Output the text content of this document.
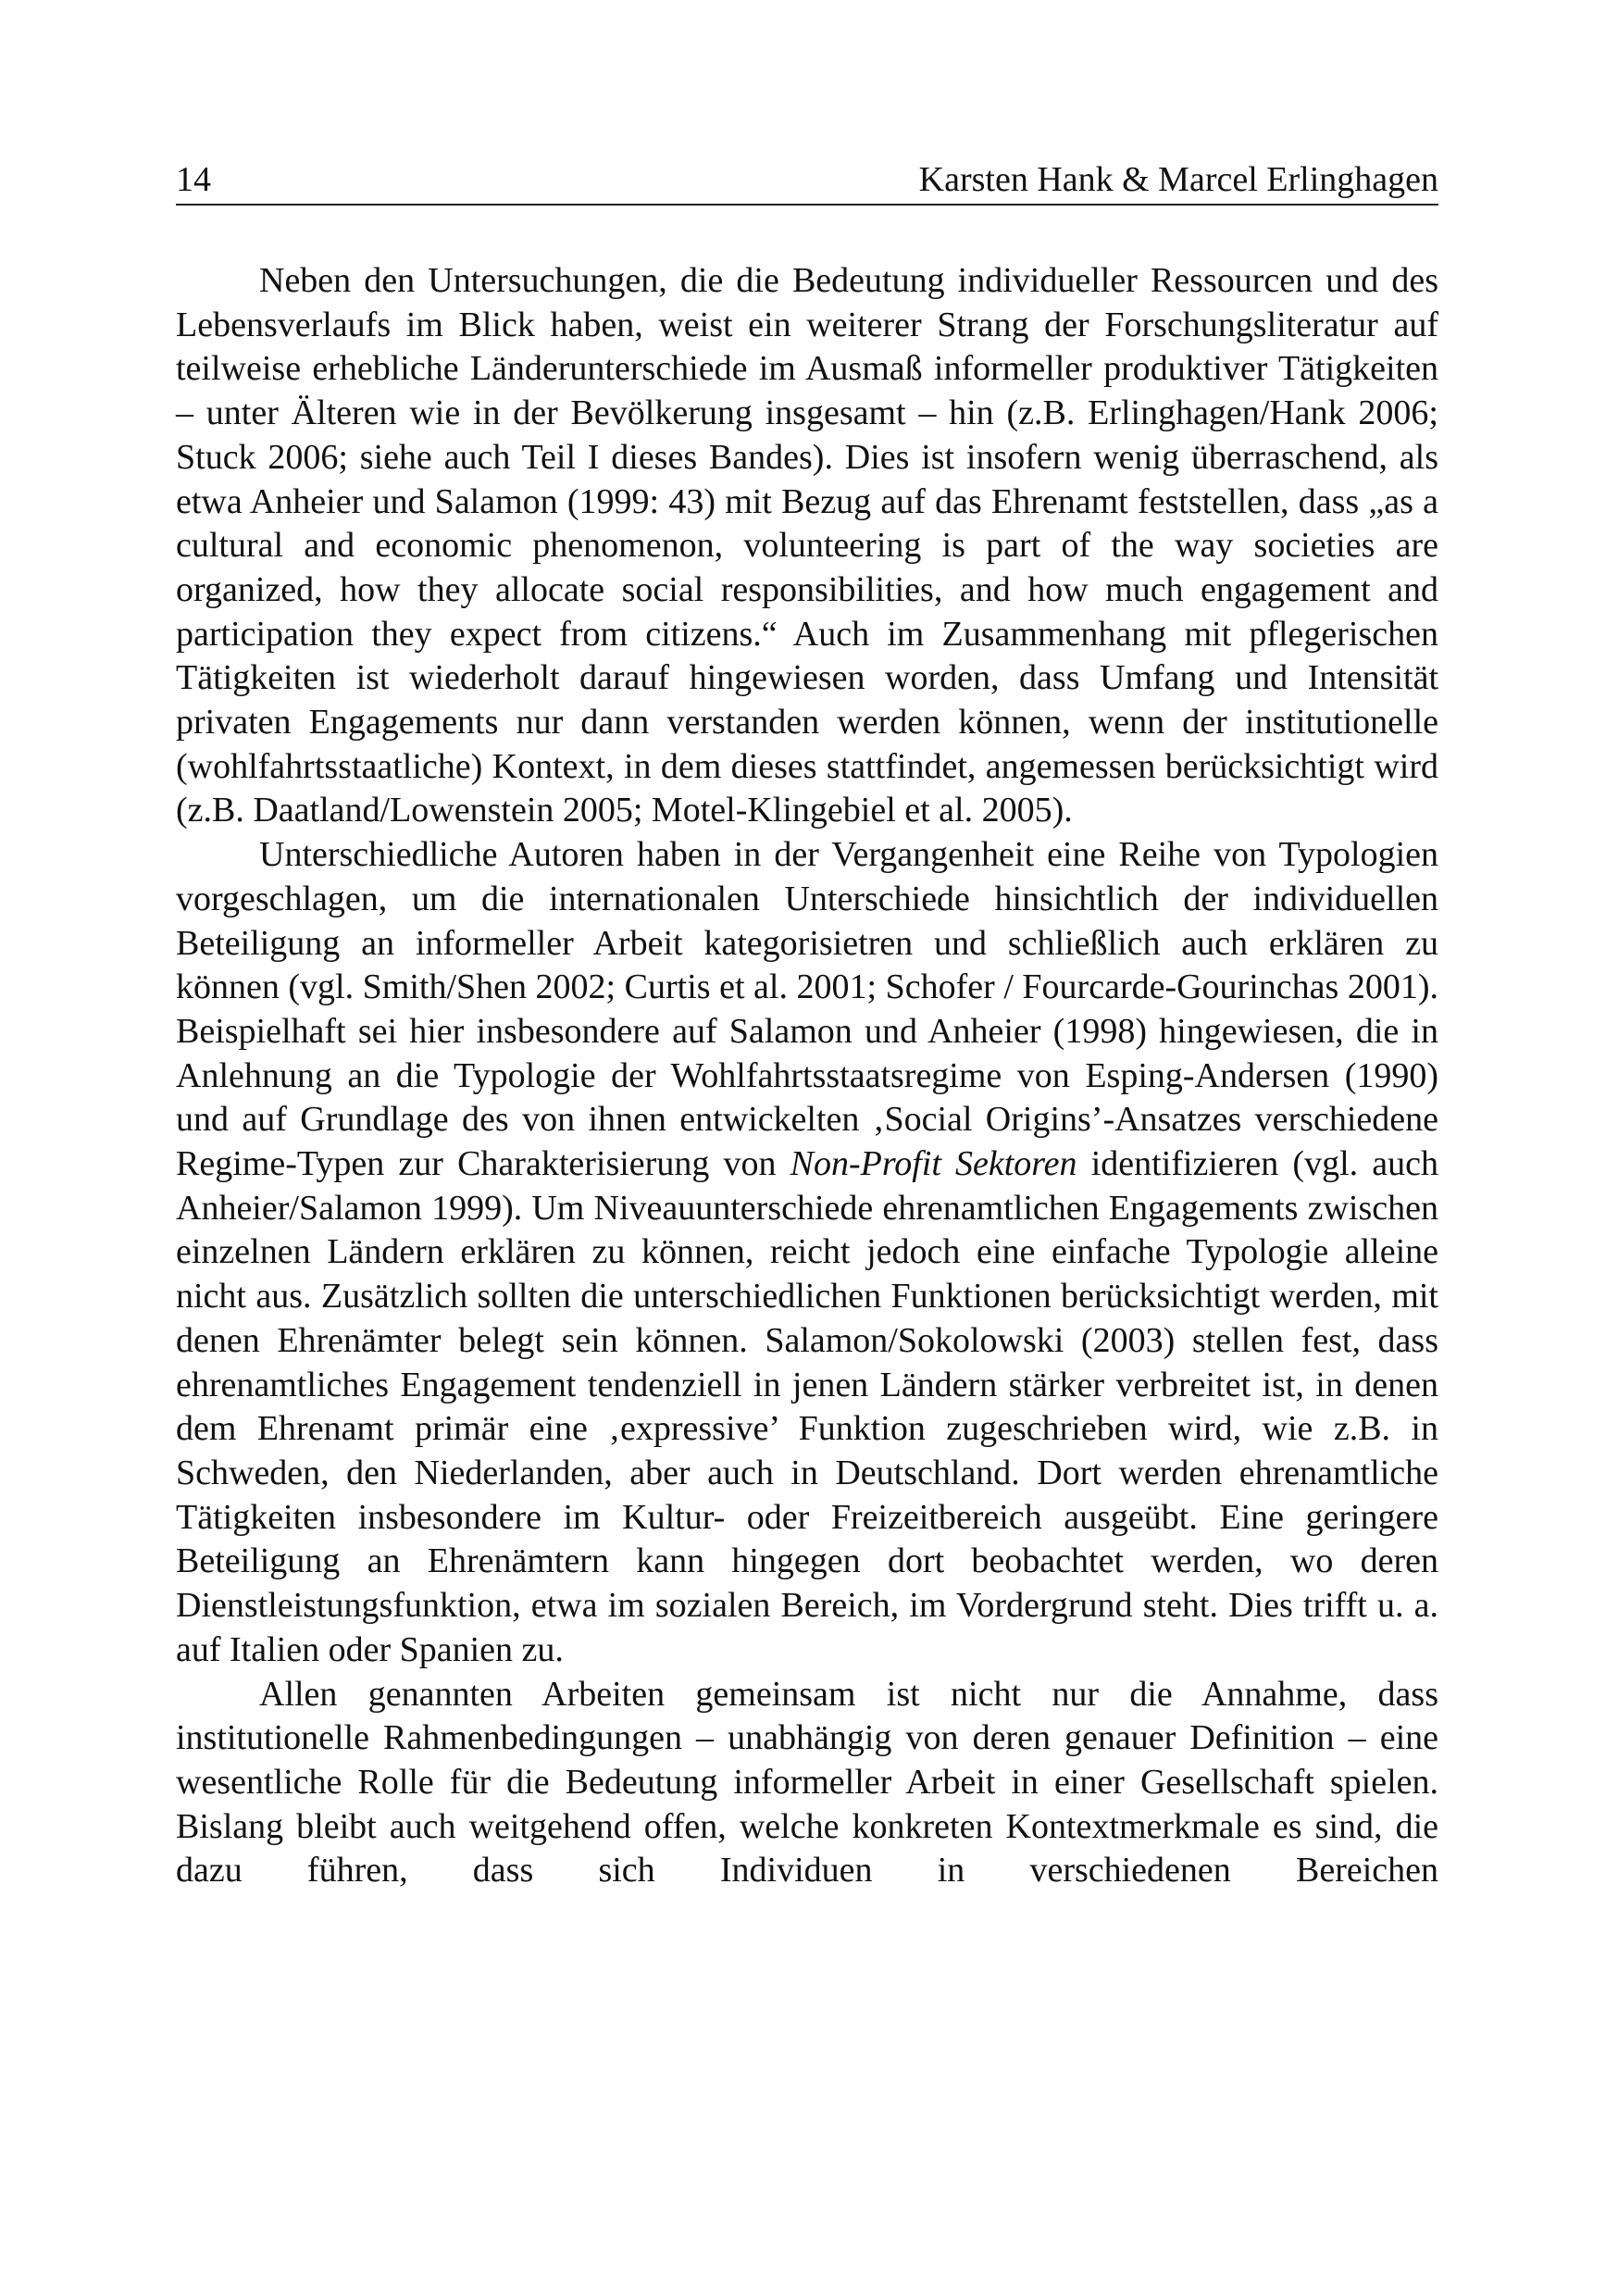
14	Karsten Hank & Marcel Erlinghagen

Neben den Untersuchungen, die die Bedeutung individueller Ressourcen und des Lebensverlaufs im Blick haben, weist ein weiterer Strang der Forschungsliteratur auf teilweise erhebliche Länderunterschiede im Ausmaß informeller produktiver Tätigkeiten – unter Älteren wie in der Bevölkerung insgesamt – hin (z.B. Erlinghagen/Hank 2006; Stuck 2006; siehe auch Teil I dieses Bandes). Dies ist insofern wenig überraschend, als etwa Anheier und Salamon (1999: 43) mit Bezug auf das Ehrenamt feststellen, dass „as a cultural and economic phenomenon, volunteering is part of the way societies are organized, how they allocate social responsibilities, and how much engagement and participation they expect from citizens.“ Auch im Zusammenhang mit pflegerischen Tätigkeiten ist wiederholt darauf hingewiesen worden, dass Umfang und Intensität privaten Engagements nur dann verstanden werden können, wenn der institutionelle (wohlfahrtsstaatliche) Kontext, in dem dieses stattfindet, angemessen berücksichtigt wird (z.B. Daatland/Lowenstein 2005; Motel-Klingebiel et al. 2005).

Unterschiedliche Autoren haben in der Vergangenheit eine Reihe von Typologien vorgeschlagen, um die internationalen Unterschiede hinsichtlich der individuellen Beteiligung an informeller Arbeit kategorisietren und schließlich auch erklären zu können (vgl. Smith/Shen 2002; Curtis et al. 2001; Schofer / Fourcarde-Gourinchas 2001). Beispielhaft sei hier insbesondere auf Salamon und Anheier (1998) hingewiesen, die in Anlehnung an die Typologie der Wohlfahrtsstaatsregime von Esping-Andersen (1990) und auf Grundlage des von ihnen entwickelten ‚Social Origins’-Ansatzes verschiedene Regime-Typen zur Charakterisierung von Non-Profit Sektoren identifizieren (vgl. auch Anheier/Salamon 1999). Um Niveauunterschiede ehrenamtlichen Engagements zwischen einzelnen Ländern erklären zu können, reicht jedoch eine einfache Typologie alleine nicht aus. Zusätzlich sollten die unterschiedlichen Funktionen berücksichtigt werden, mit denen Ehrenämter belegt sein können. Salamon/Sokolowski (2003) stellen fest, dass ehrenamtliches Engagement tendenziell in jenen Ländern stärker verbreitet ist, in denen dem Ehrenamt primär eine ‚expressive’ Funktion zugeschrieben wird, wie z.B. in Schweden, den Niederlanden, aber auch in Deutschland. Dort werden ehrenamtliche Tätigkeiten insbesondere im Kultur- oder Freizeitbereich ausgeübt. Eine geringere Beteiligung an Ehrenämtern kann hingegen dort beobachtet werden, wo deren Dienstleistungsfunktion, etwa im sozialen Bereich, im Vordergrund steht. Dies trifft u. a. auf Italien oder Spanien zu.

Allen genannten Arbeiten gemeinsam ist nicht nur die Annahme, dass institutionelle Rahmenbedingungen – unabhängig von deren genauer Definition – eine wesentliche Rolle für die Bedeutung informeller Arbeit in einer Gesellschaft spielen. Bislang bleibt auch weitgehend offen, welche konkreten Kontextmerkmale es sind, die dazu führen, dass sich Individuen in verschiedenen Bereichen
